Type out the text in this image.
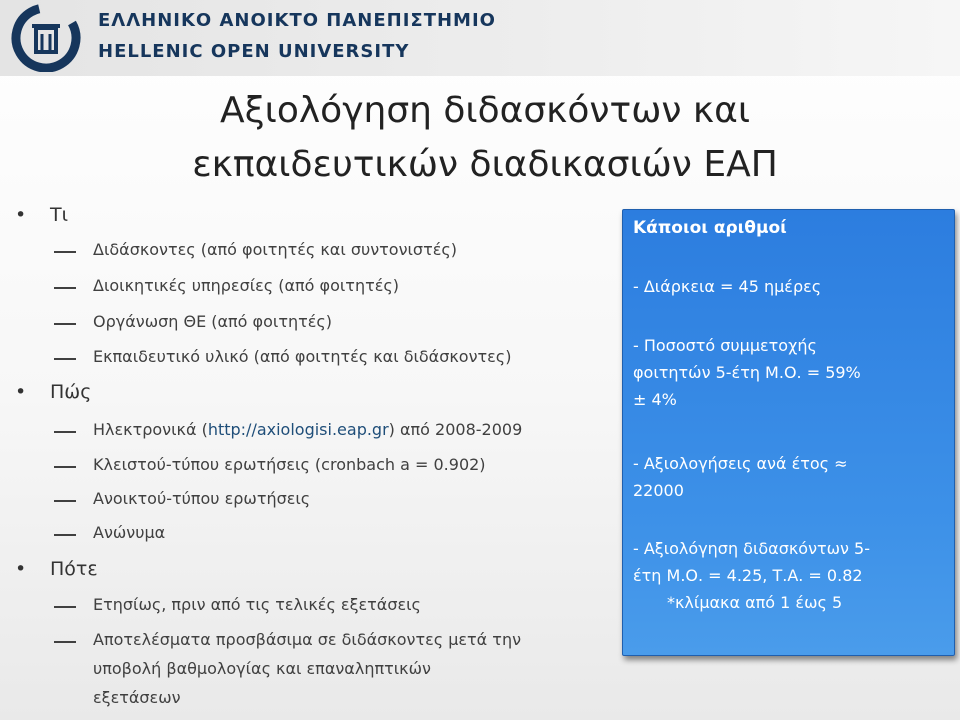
ΕΛΛΗΝΙΚΟ ΑΝΟΙΚΤΟ ΠΑΝΕΠΙΣΤΗΜΙΟ
HELLENIC OPEN UNIVERSITY
Αξιολόγηση διδασκόντων και
εκπαιδευτικών διαδικασιών ΕΑΠ
• Τι
Διδάσκοντες (από φοιτητές και συντονιστές)
Διοικητικές υπηρεσίες (από φοιτητές)
Οργάνωση ΘΕ (από φοιτητές)
Εκπαιδευτικό υλικό (από φοιτητές και διδάσκοντες)
• Πώς
Ηλεκτρονικά (http://axiologisi.eap.gr) από 2008-2009
Κλειστού-τύπου ερωτήσεις (cronbach a = 0.902)
Ανοικτού-τύπου ερωτήσεις
Ανώνυμα
• Πότε
Ετησίως, πριν από τις τελικές εξετάσεις
Αποτελέσματα προσβάσιμα σε διδάσκοντες μετά την
υποβολή βαθμολογίας και επαναληπτικών
εξετάσεων
Κάποιοι αριθμοί
- Διάρκεια = 45 ημέρες
- Ποσοστό συμμετοχής
φοιτητών 5-έτη Μ.Ο. = 59%
± 4%
- Αξιολογήσεις ανά έτος ≈
22000
- Αξιολόγηση διδασκόντων 5-
έτη Μ.Ο. = 4.25, Τ.Α. = 0.82
*κλίμακα από 1 έως 5
